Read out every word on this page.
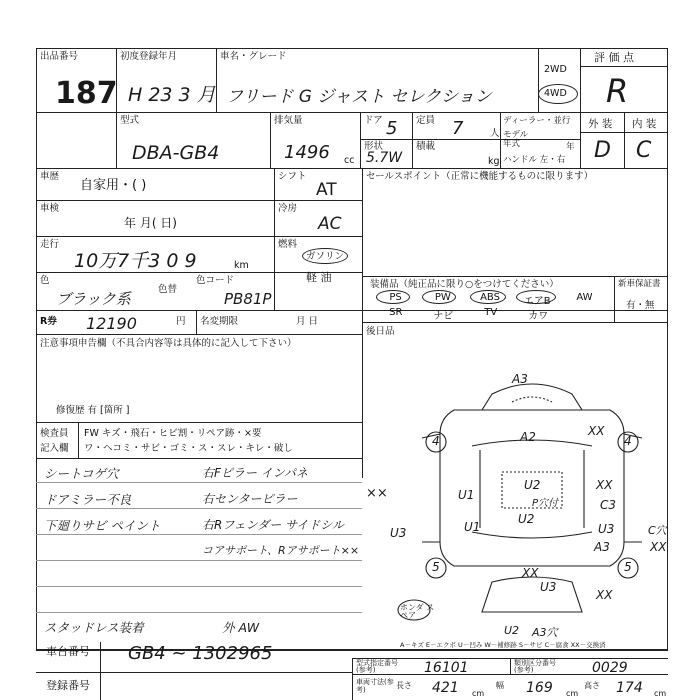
出品番号
187
初度登録年月
H 23 3 月
車名・グレード
フリード G ジャスト セレクション
2WD
4WD
評 価 点
R
型式
DBA-GB4
排気量
1496 cc
ドア 5 定員 7	人
形状
5.7W
積載
kg
ディーラー・並行
モデル 年式	年
ハンドル 左・右
外 装 内 装
D C
車歴
自家用・( )
シフト
AT
車検
年 月( 日)
冷房
AC
走行
10万7千3 0 9	km
燃料
ガソリン
軽 油
色
ブラック系
色替
色コード
PB81P
R券 12190	円 名変期限	月 日
セールスポイント（正常に機能するものに限ります）
装備品（純正品に限り○をつけてください）	新車保証書
有・無
PS	PW	ABS	エアB	AW
SR	ナビ	TV	カワ
後日品
注意事項申告欄（不具合内容等は具体的に記入して下さい）
修復歴 有 [箇所 ]
検査員
記入欄
FW キズ・飛石・ヒビ割・リペア跡・×要
ワ・ヘコミ・サビ・ゴミ・ス・スレ・キレ・破し
シートコゲ穴
ドアミラー不良
下廻りサビ ペイント
右Fピラー インパネ
右センターピラー
右Rフェンダー サイドシル
コアサポート、Rアサポート××
××
スタッドレス装着	外 AW
A3
A2	XX
U1
U2
P穴付
U2
XX
C3
U1
U3	U3	C穴
A3	XX
XX
U3
XX
U2 A3穴
4	4
5	5
ホンダ スペア
A－キズ E－エクボ U－凹み W－補修跡 S－サビ C－腐食 XX－交換済
車台番号 GB4 ~ 1302965
登録番号
型式指定番号(参考)	16101	類別区分番号(参考)	0029
車両寸法(参考)	長さ 421 cm
幅 169 cm
高さ 174 cm
